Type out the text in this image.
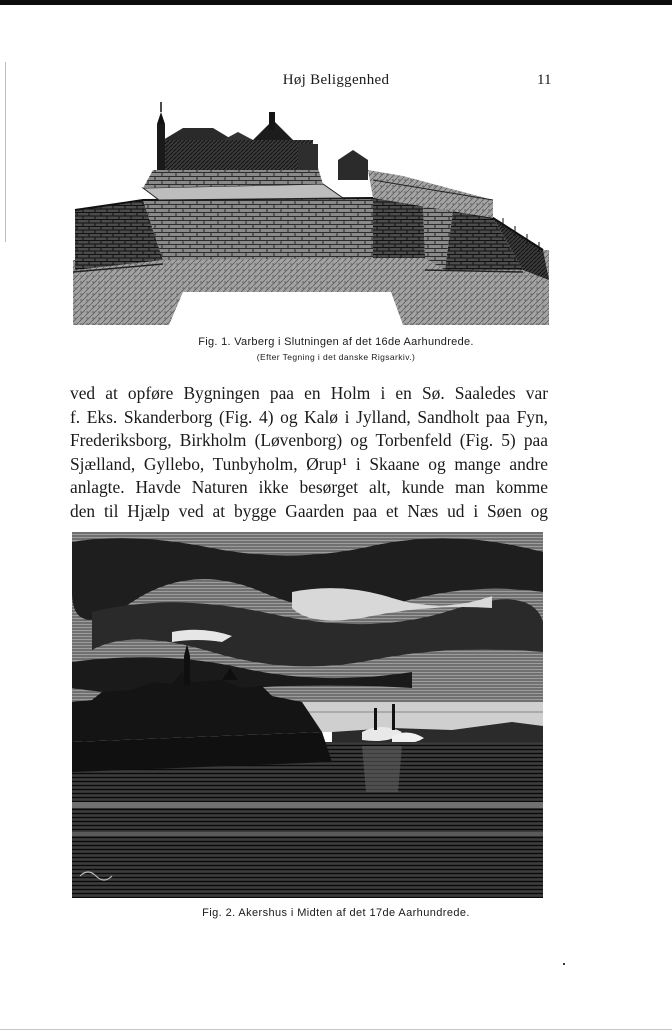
Høj Beliggenhed	11
Fig. 1. Varberg i Slutningen af det 16de Aarhundrede.
(Efter Tegning i det danske Rigsarkiv.)
ved at opføre Bygningen paa en Holm i en Sø. Saaledes var
f. Eks. Skanderborg (Fig. 4) og Kalø i Jylland, Sandholt paa Fyn,
Frederiksborg, Birkholm (Løvenborg) og Torbenfeld (Fig. 5) paa
Sjælland, Gyllebo, Tunbyholm, Ørup¹ i Skaane og mange andre
anlagte. Havde Naturen ikke besørget alt, kunde man komme
den til Hjælp ved at bygge Gaarden paa et Næs ud i Søen og
Fig. 2. Akershus i Midten af det 17de Aarhundrede.
